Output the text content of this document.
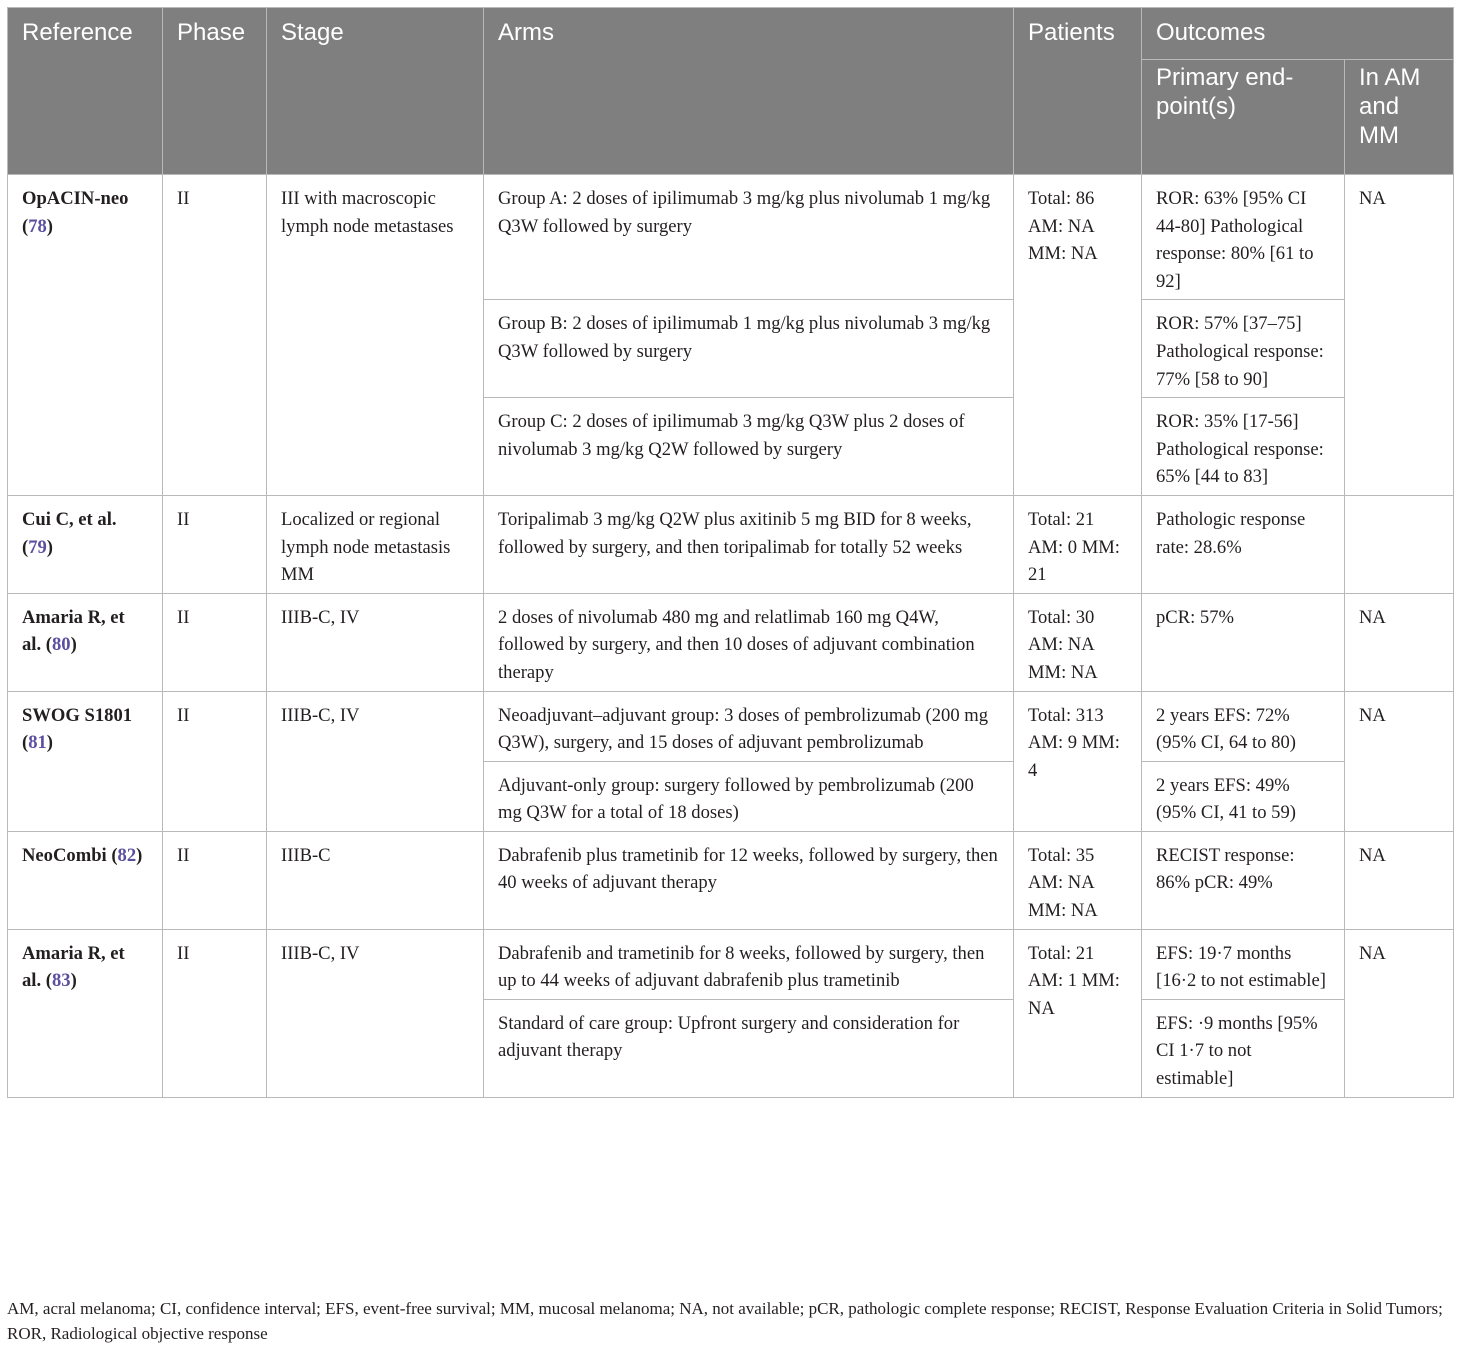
Reference	Phase	Stage	Arms	Patients	Outcomes	
					Primary end-point(s)	In AM and MM
OpACIN-neo (78)	II	III with macroscopic lymph node metastases	Group A: 2 doses of ipilimumab 3 mg/kg plus nivolumab 1 mg/kg Q3W followed by surgery	Total: 86 AM: NA MM: NA	ROR: 63% [95% CI 44-80] Pathological response: 80% [61 to 92]	NA
			Group B: 2 doses of ipilimumab 1 mg/kg plus nivolumab 3 mg/kg Q3W followed by surgery		ROR: 57% [37–75] Pathological response: 77% [58 to 90]	
			Group C: 2 doses of ipilimumab 3 mg/kg Q3W plus 2 doses of nivolumab 3 mg/kg Q2W followed by surgery		ROR: 35% [17-56] Pathological response: 65% [44 to 83]	
Cui C, et al. (79)	II	Localized or regional lymph node metastasis MM	Toripalimab 3 mg/kg Q2W plus axitinib 5 mg BID for 8 weeks, followed by surgery, and then toripalimab for totally 52 weeks	Total: 21 AM: 0 MM: 21	Pathologic response rate: 28.6%	
Amaria R, et al. (80)	II	IIIB-C, IV	2 doses of nivolumab 480 mg and relatlimab 160 mg Q4W, followed by surgery, and then 10 doses of adjuvant combination therapy	Total: 30 AM: NA MM: NA	pCR: 57%	NA
SWOG S1801 (81)	II	IIIB-C, IV	Neoadjuvant–adjuvant group: 3 doses of pembrolizumab (200 mg Q3W), surgery, and 15 doses of adjuvant pembrolizumab	Total: 313 AM: 9 MM: 4	2 years EFS: 72% (95% CI, 64 to 80)	NA
			Adjuvant-only group: surgery followed by pembrolizumab (200 mg Q3W for a total of 18 doses)		2 years EFS: 49% (95% CI, 41 to 59)	
NeoCombi (82)	II	IIIB-C	Dabrafenib plus trametinib for 12 weeks, followed by surgery, then 40 weeks of adjuvant therapy	Total: 35 AM: NA MM: NA	RECIST response: 86% pCR: 49%	NA
Amaria R, et al. (83)	II	IIIB-C, IV	Dabrafenib and trametinib for 8 weeks, followed by surgery, then up to 44 weeks of adjuvant dabrafenib plus trametinib	Total: 21 AM: 1 MM: NA	EFS: 19·7 months [16·2 to not estimable]	NA
			Standard of care group: Upfront surgery and consideration for adjuvant therapy		EFS: ·9 months [95% CI 1·7 to not estimable]	
AM, acral melanoma; CI, confidence interval; EFS, event-free survival; MM, mucosal melanoma; NA, not available; pCR, pathologic complete response; RECIST, Response Evaluation Criteria in Solid Tumors; ROR, Radiological objective response
